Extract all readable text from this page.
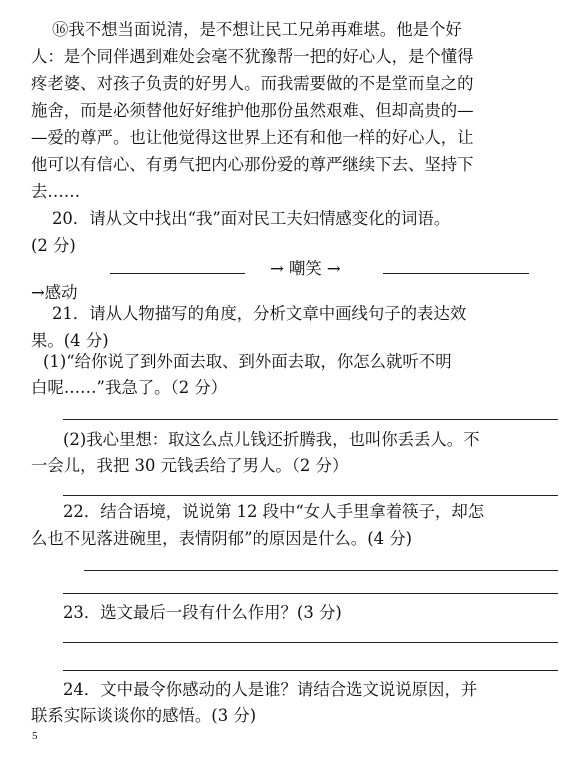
⑯我不想当面说清，是不想让民工兄弟再难堪。他是个好
人：是个同伴遇到难处会毫不犹豫帮一把的好心人，是个懂得
疼老婆、对孩子负责的好男人。而我需要做的不是堂而皇之的
施舍，而是必须替他好好维护他那份虽然艰难、但却高贵的—
—爱的尊严。也让他觉得这世界上还有和他一样的好心人，让
他可以有信心、有勇气把内心那份爱的尊严继续下去、坚持下
去……
20．请从文中找出“我”面对民工夫妇情感变化的词语。
(2 分)
→ 嘲笑 →
→感动
21．请从人物描写的角度，分析文章中画线句子的表达效
果。(4 分)
(1)“给你说了到外面去取、到外面去取，你怎么就听不明
白呢……”我急了。（2 分）
(2)我心里想：取这么点儿钱还折腾我，也叫你丢丢人。不
一会儿，我把 30 元钱丢给了男人。（2 分）
22．结合语境，说说第 12 段中“女人手里拿着筷子，却怎
么也不见落进碗里，表情阴郁”的原因是什么。(4 分)
23．选文最后一段有什么作用？(3 分)
24．文中最令你感动的人是谁？请结合选文说说原因，并
联系实际谈谈你的感悟。(3 分)
5
